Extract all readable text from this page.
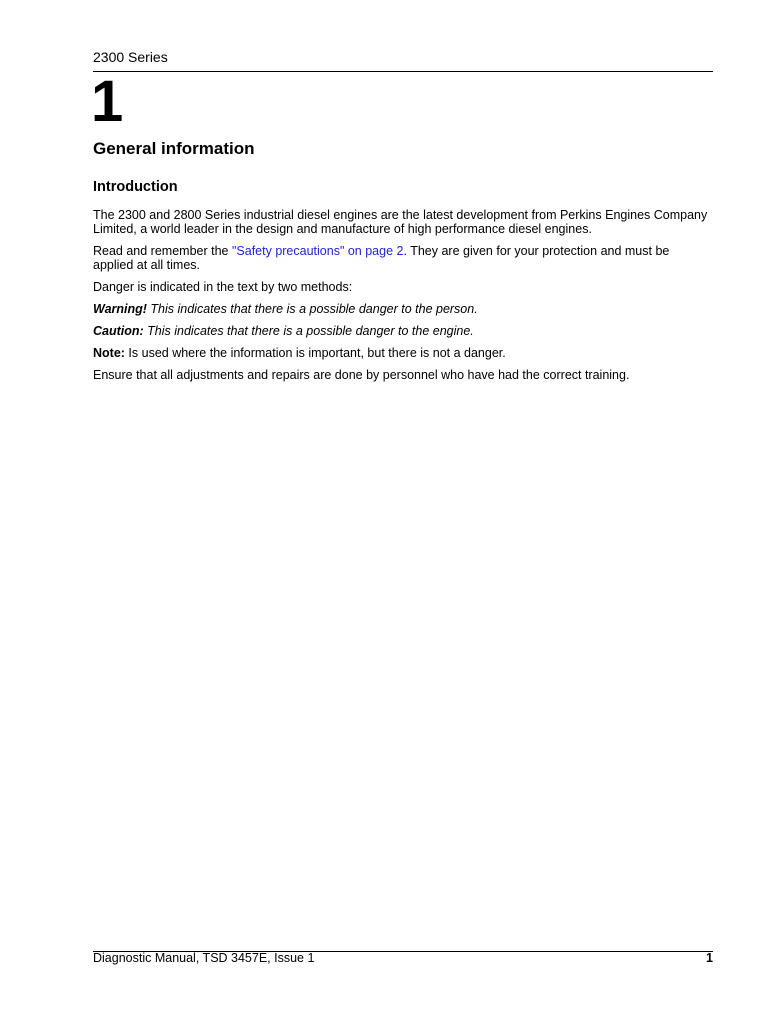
2300 Series
1
General information
Introduction

The 2300 and 2800 Series industrial diesel engines are the latest development from Perkins Engines Company Limited, a world leader in the design and manufacture of high performance diesel engines.

Read and remember the "Safety precautions" on page 2. They are given for your protection and must be applied at all times.

Danger is indicated in the text by two methods:

Warning! This indicates that there is a possible danger to the person.

Caution: This indicates that there is a possible danger to the engine.

Note: Is used where the information is important, but there is not a danger.

Ensure that all adjustments and repairs are done by personnel who have had the correct training.

Diagnostic Manual, TSD 3457E, Issue 1	1
